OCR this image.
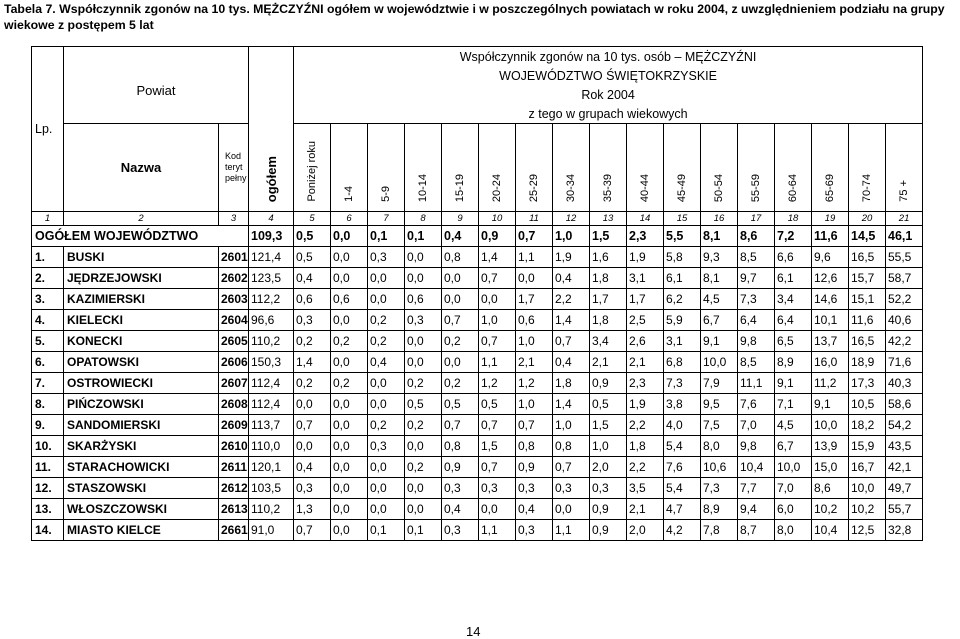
Tabela 7. Współczynnik zgonów na 10 tys. MĘŻCZYŹNI ogółem w województwie i w poszczególnych powiatach w roku 2004, z uwzględnieniem podziału na grupy wiekowe z postępem 5 lat
Lp.	Powiat			Współczynnik zgonów na 10 tys. osób – MĘŻCZYŹNI																
				WOJEWÓDZTWO ŚWIĘTOKRZYSKIE																
				Rok 2004																
				z tego w grupach wiekowych																
			ogółem	Poniżej roku	1-4	5-9	10-14	15-19	20-24	25-29	30-34	35-39	40-44	45-49	50-54	55-59	60-64	65-69	70-74	75 +
	Nazwa	Kod teryt pełny																		
1	2	3	4	5	6	7	8	9	10	11	12	13	14	15	16	17	18	19	20	21
OGÓŁEM WOJEWÓDZTWO			109,3	0,5	0,0	0,1	0,1	0,4	0,9	0,7	1,0	1,5	2,3	5,5	8,1	8,6	7,2	11,6	14,5	46,1
1.	BUSKI	2601	121,4	0,5	0,0	0,3	0,0	0,8	1,4	1,1	1,9	1,6	1,9	5,8	9,3	8,5	6,6	9,6	16,5	55,5
2.	JĘDRZEJOWSKI	2602	123,5	0,4	0,0	0,0	0,0	0,0	0,7	0,0	0,4	1,8	3,1	6,1	8,1	9,7	6,1	12,6	15,7	58,7
3.	KAZIMIERSKI	2603	112,2	0,6	0,6	0,0	0,6	0,0	0,0	1,7	2,2	1,7	1,7	6,2	4,5	7,3	3,4	14,6	15,1	52,2
4.	KIELECKI	2604	96,6	0,3	0,0	0,2	0,3	0,7	1,0	0,6	1,4	1,8	2,5	5,9	6,7	6,4	6,4	10,1	11,6	40,6
5.	KONECKI	2605	110,2	0,2	0,2	0,2	0,0	0,2	0,7	1,0	0,7	3,4	2,6	3,1	9,1	9,8	6,5	13,7	16,5	42,2
6.	OPATOWSKI	2606	150,3	1,4	0,0	0,4	0,0	0,0	1,1	2,1	0,4	2,1	2,1	6,8	10,0	8,5	8,9	16,0	18,9	71,6
7.	OSTROWIECKI	2607	112,4	0,2	0,2	0,0	0,2	0,2	1,2	1,2	1,8	0,9	2,3	7,3	7,9	11,1	9,1	11,2	17,3	40,3
8.	PIŃCZOWSKI	2608	112,4	0,0	0,0	0,0	0,5	0,5	0,5	1,0	1,4	0,5	1,9	3,8	9,5	7,6	7,1	9,1	10,5	58,6
9.	SANDOMIERSKI	2609	113,7	0,7	0,0	0,2	0,2	0,7	0,7	0,7	1,0	1,5	2,2	4,0	7,5	7,0	4,5	10,0	18,2	54,2
10.	SKARŻYSKI	2610	110,0	0,0	0,0	0,3	0,0	0,8	1,5	0,8	0,8	1,0	1,8	5,4	8,0	9,8	6,7	13,9	15,9	43,5
11.	STARACHOWICKI	2611	120,1	0,4	0,0	0,0	0,2	0,9	0,7	0,9	0,7	2,0	2,2	7,6	10,6	10,4	10,0	15,0	16,7	42,1
12.	STASZOWSKI	2612	103,5	0,3	0,0	0,0	0,0	0,3	0,3	0,3	0,3	0,3	3,5	5,4	7,3	7,7	7,0	8,6	10,0	49,7
13.	WŁOSZCZOWSKI	2613	110,2	1,3	0,0	0,0	0,0	0,4	0,0	0,4	0,0	0,9	2,1	4,7	8,9	9,4	6,0	10,2	10,2	55,7
14.	MIASTO KIELCE	2661	91,0	0,7	0,0	0,1	0,1	0,3	1,1	0,3	1,1	0,9	2,0	4,2	7,8	8,7	8,0	10,4	12,5	32,8
14
